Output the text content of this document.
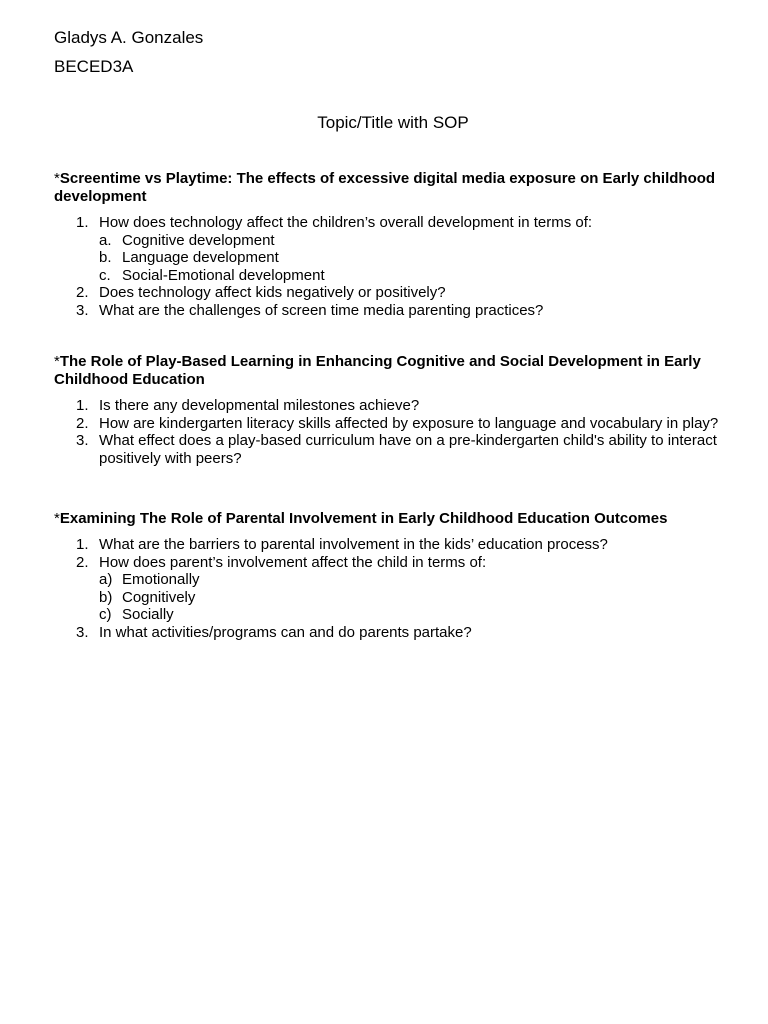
Gladys A. Gonzales
BECED3A
Topic/Title with SOP
*Screentime vs Playtime: The effects of excessive digital media exposure on Early childhood development
1. How does technology affect the children’s overall development in terms of:
a. Cognitive development
b. Language development
c. Social-Emotional development
2. Does technology affect kids negatively or positively?
3. What are the challenges of screen time media parenting practices?
*The Role of Play-Based Learning in Enhancing Cognitive and Social Development in Early Childhood Education
1. Is there any developmental milestones achieve?
2. How are kindergarten literacy skills affected by exposure to language and vocabulary in play?
3. What effect does a play-based curriculum have on a pre-kindergarten child's ability to interact positively with peers?
*Examining The Role of Parental Involvement in Early Childhood Education Outcomes
1. What are the barriers to parental involvement in the kids’ education process?
2. How does parent’s involvement affect the child in terms of:
a) Emotionally
b) Cognitively
c) Socially
3. In what activities/programs can and do parents partake?
